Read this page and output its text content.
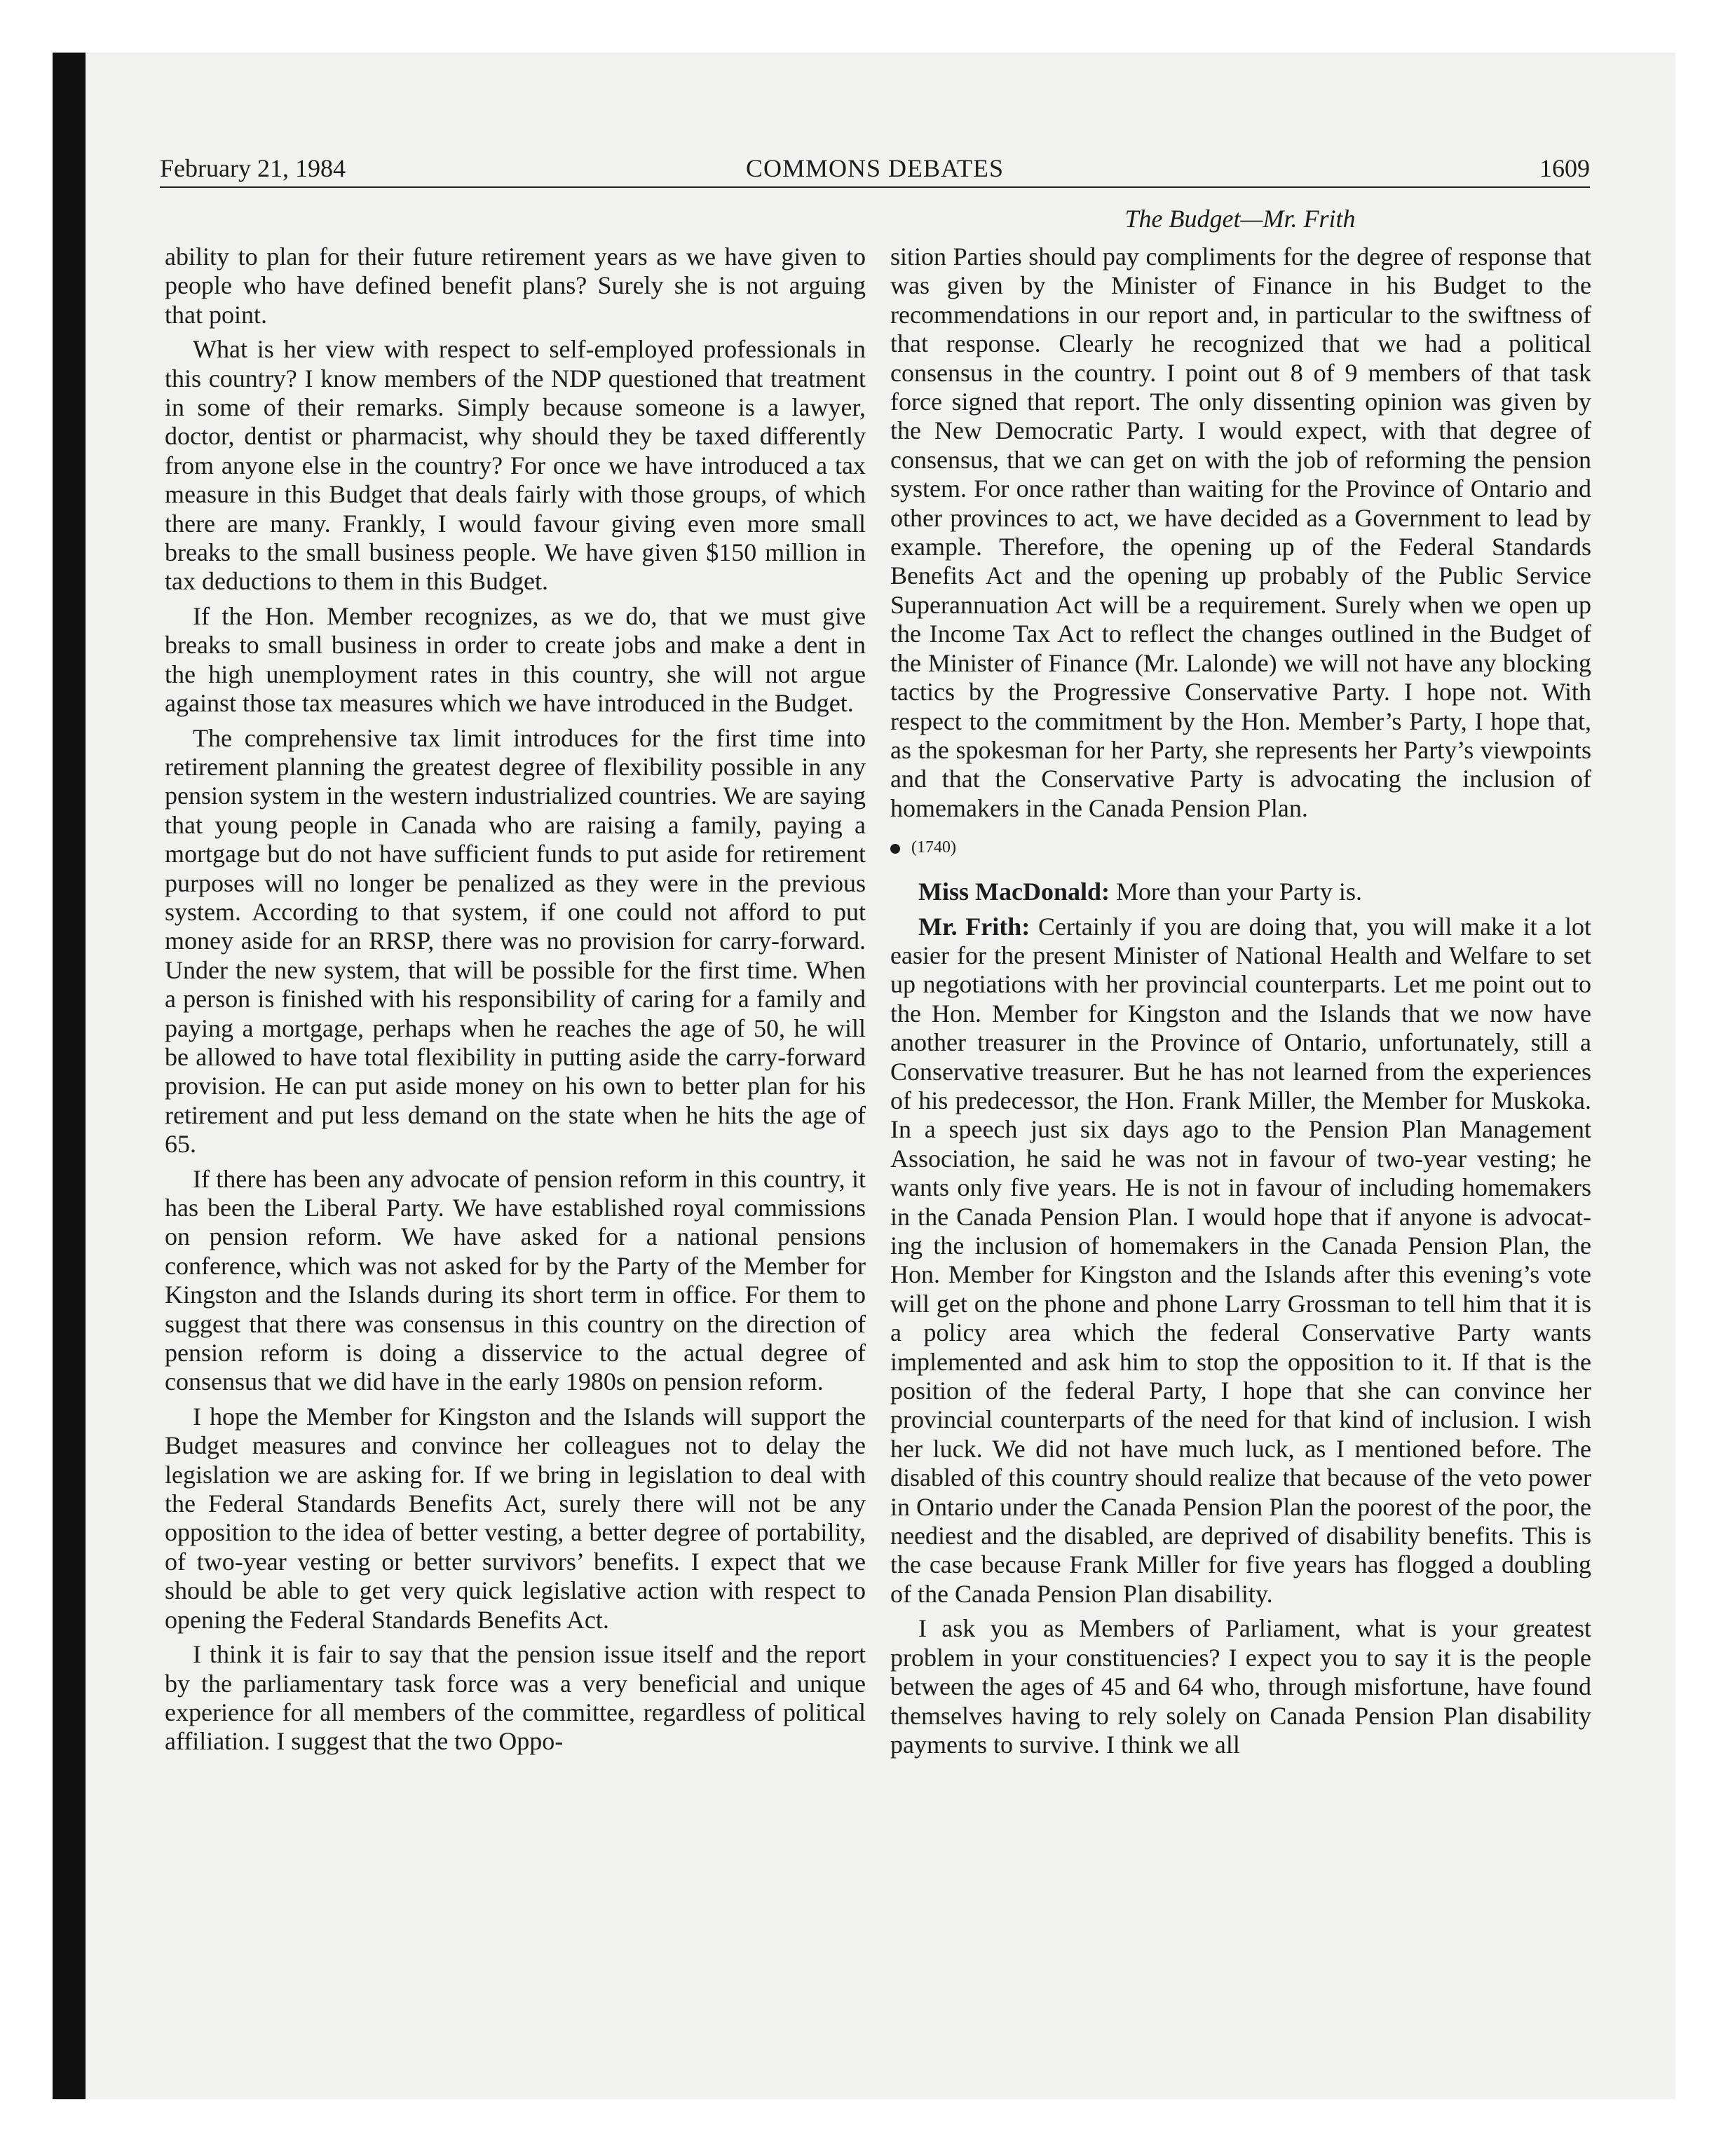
February 21, 1984	COMMONS DEBATES	1609
The Budget—Mr. Frith

ability to plan for their future retirement years as we have given to people who have defined benefit plans? Surely she is not arguing that point.

What is her view with respect to self-employed professionals in this country? I know members of the NDP questioned that treatment in some of their remarks. Simply because someone is a lawyer, doctor, dentist or pharmacist, why should they be taxed differently from anyone else in the country? For once we have introduced a tax measure in this Budget that deals fairly with those groups, of which there are many. Frankly, I would favour giving even more small breaks to the small business people. We have given $150 million in tax deductions to them in this Budget.

If the Hon. Member recognizes, as we do, that we must give breaks to small business in order to create jobs and make a dent in the high unemployment rates in this country, she will not argue against those tax measures which we have introduced in the Budget.

The comprehensive tax limit introduces for the first time into retirement planning the greatest degree of flexibility possible in any pension system in the western industrialized countries. We are saying that young people in Canada who are raising a family, paying a mortgage but do not have sufficient funds to put aside for retirement purposes will no longer be penalized as they were in the previous system. According to that system, if one could not afford to put money aside for an RRSP, there was no provision for carry-forward. Under the new system, that will be possible for the first time. When a person is finished with his responsibility of caring for a family and paying a mortgage, perhaps when he reaches the age of 50, he will be allowed to have total flexibility in putting aside the carry-forward provision. He can put aside money on his own to better plan for his retirement and put less demand on the state when he hits the age of 65.

If there has been any advocate of pension reform in this country, it has been the Liberal Party. We have established royal commissions on pension reform. We have asked for a national pensions conference, which was not asked for by the Party of the Member for Kingston and the Islands during its short term in office. For them to suggest that there was consensus in this country on the direction of pension reform is doing a disservice to the actual degree of consensus that we did have in the early 1980s on pension reform.

I hope the Member for Kingston and the Islands will support the Budget measures and convince her colleagues not to delay the legislation we are asking for. If we bring in legislation to deal with the Federal Standards Benefits Act, surely there will not be any opposition to the idea of better vesting, a better degree of portability, of two-year vesting or better survivors’ benefits. I expect that we should be able to get very quick legislative action with respect to opening the Federal Standards Benefits Act.

I think it is fair to say that the pension issue itself and the report by the parliamentary task force was a very beneficial and unique experience for all members of the committee, regardless of political affiliation. I suggest that the two Oppo-

sition Parties should pay compliments for the degree of response that was given by the Minister of Finance in his Budget to the recommendations in our report and, in particular to the swiftness of that response. Clearly he recognized that we had a political consensus in the country. I point out 8 of 9 members of that task force signed that report. The only dissenting opinion was given by the New Democratic Party. I would expect, with that degree of consensus, that we can get on with the job of reforming the pension system. For once rather than waiting for the Province of Ontario and other provinces to act, we have decided as a Government to lead by example. Therefore, the opening up of the Federal Standards Benefits Act and the opening up probably of the Public Service Superannuation Act will be a requirement. Surely when we open up the Income Tax Act to reflect the changes outlined in the Budget of the Minister of Finance (Mr. Lalonde) we will not have any blocking tactics by the Progressive Conservative Party. I hope not. With respect to the commitment by the Hon. Member’s Party, I hope that, as the spokesman for her Party, she represents her Party’s viewpoints and that the Conservative Party is advocating the inclusion of homemakers in the Canada Pension Plan.

(1740)

Miss MacDonald: More than your Party is.

Mr. Frith: Certainly if you are doing that, you will make it a lot easier for the present Minister of National Health and Welfare to set up negotiations with her provincial counterparts. Let me point out to the Hon. Member for Kingston and the Islands that we now have another treasurer in the Province of Ontario, unfortunately, still a Conservative treasurer. But he has not learned from the experiences of his predecessor, the Hon. Frank Miller, the Member for Muskoka. In a speech just six days ago to the Pension Plan Management Association, he said he was not in favour of two-year vesting; he wants only five years. He is not in favour of including homemakers in the Canada Pension Plan. I would hope that if anyone is advocating the inclusion of homemakers in the Canada Pension Plan, the Hon. Member for Kingston and the Islands after this evening’s vote will get on the phone and phone Larry Grossman to tell him that it is a policy area which the federal Conservative Party wants implemented and ask him to stop the opposition to it. If that is the position of the federal Party, I hope that she can convince her provincial counterparts of the need for that kind of inclusion. I wish her luck. We did not have much luck, as I mentioned before. The disabled of this country should realize that because of the veto power in Ontario under the Canada Pension Plan the poorest of the poor, the neediest and the disabled, are deprived of disability benefits. This is the case because Frank Miller for five years has flogged a doubling of the Canada Pension Plan disability.

I ask you as Members of Parliament, what is your greatest problem in your constituencies? I expect you to say it is the people between the ages of 45 and 64 who, through misfortune, have found themselves having to rely solely on Canada Pension Plan disability payments to survive. I think we all
